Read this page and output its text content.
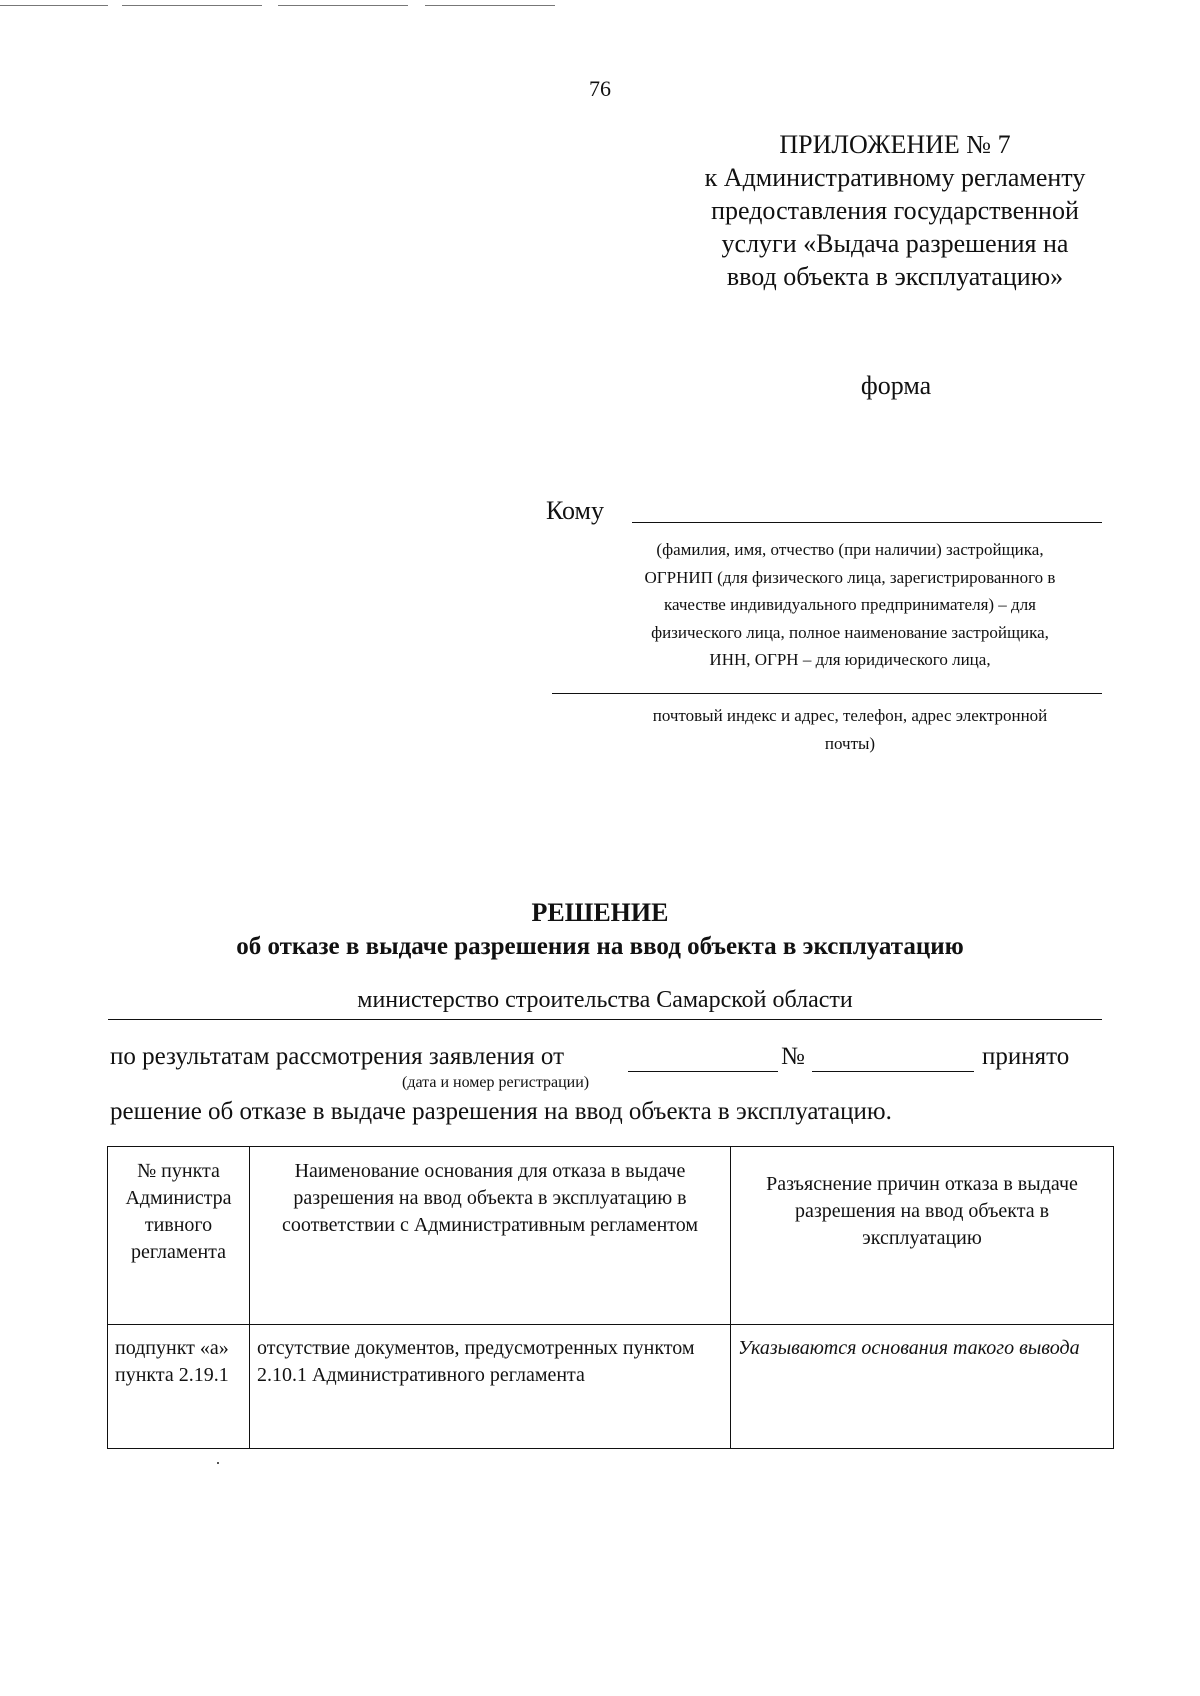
76
ПРИЛОЖЕНИЕ № 7
к Административному регламенту
предоставления государственной
услуги «Выдача разрешения на
ввод объекта в эксплуатацию»
форма
Кому
(фамилия, имя, отчество (при наличии) застройщика,
ОГРНИП (для физического лица, зарегистрированного в
качестве индивидуального предпринимателя) – для
физического лица, полное наименование застройщика,
ИНН, ОГРН – для юридического лица,
почтовый индекс и адрес, телефон, адрес электронной
почты)
РЕШЕНИЕ
об отказе в выдаче разрешения на ввод объекта в эксплуатацию
министерство строительства Самарской области
по результатам рассмотрения заявления от	№	принято
(дата и номер регистрации)
решение об отказе в выдаче разрешения на ввод объекта в эксплуатацию.
№ пункта Администра тивного регламента	Наименование основания для отказа в выдаче разрешения на ввод объекта в эксплуатацию в соответствии с Административным регламентом	Разъяснение причин отказа в выдаче разрешения на ввод объекта в эксплуатацию
подпункт «а» пункта 2.19.1	отсутствие документов, предусмотренных пунктом 2.10.1 Административного регламента	Указываются основания такого вывода
